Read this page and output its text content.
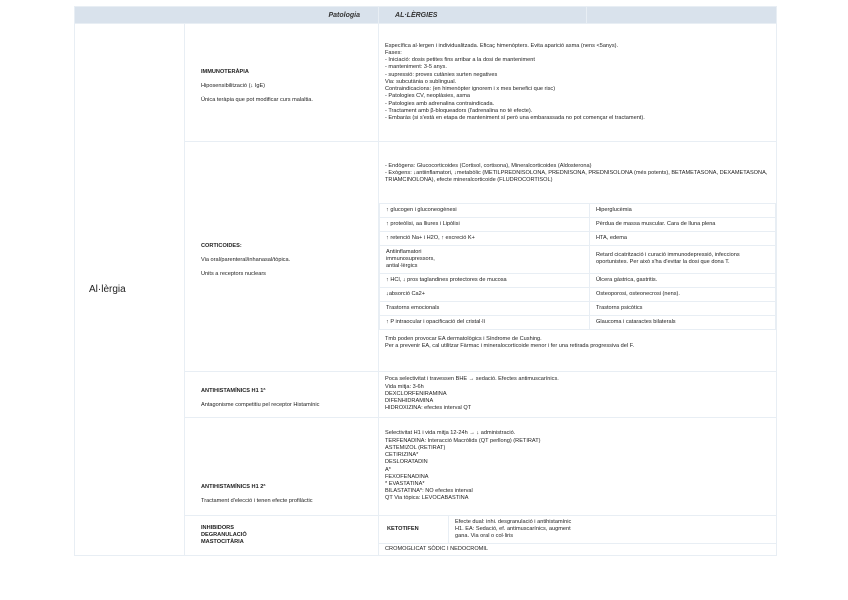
Patologia	AL·LÈRGIES	
Al·lèrgia	
IMMUNOTERÀPIA

Hiposensibilització (↓ IgE)

Única teràpia que pot modificar curs malaltia.
	Específica al·lergen i individualitzada. Eficaç himenòpters. Evita aparició asma (nens <5anys).
Fases:
- Iniciació: dosis petites fins arribar a la dosi de manteniment
- manteniment: 3-5 anys.
- supressió: proves cutànies surten negatives
Via: subcutània o sublingual.
Contraindicacions: (en himenòpter ignorem i x mes benefici que risc)
- Patologies CV, neoplàsies, asma
- Patologies amb adrenalina contraindicada.
- Tractament amb β-bloqueadors (l'adrenalina no té efecte).
- Embaràs (si s'està en etapa de manteniment sí però una embarassada no pot començar el tractament).

CORTICOIDES:

Via oral/parenteral/inhanasal/tòpica.

Units a receptors nuclears

- Endògens: Glucocorticoides (Cortisol, cortisona), Mineralcorticoides (Aldosterona)
- Exògens: ↓antiinflamatori, ↓metabòlic (METILPREDNISOLONA, PREDNISONA, PREDNISOLONA (més potents), BETAMETASONA, DEXAMETASONA, TRIAMCINOLONA), efecte mineralcorticoide (FLUDROCORTISOL)
↑ glucogen i gluconeogènesi	Hiperglucèmia
↑ proteòlisi, aa lliures i Lipòlisi	Pèrdua de massa muscular. Cara de lluna plena
↑ retenció Na+ i H2O, ↑ excreció K+	HTA, edema
Antiinflamatori
immunosupressors,
antial·lèrgics	Retard cicatrització i curació immunodepressió, infeccions oportunistes. Per això s'ha d'evitar la dosi que dona T.
↑ HCl, ↓ pros taglandines protectores de mucosa	Úlcera gàstrica, gastritis.
↓absorció Ca2+	Osteoporosi, osteonecrosi (nens).
Trastorns emocionals	Trastorns psicòtics
↑ P intraocular i opacificació del cristal·lí	Glaucoma i cataractes bilaterals
Tmb poden provocar EA dermatològics i Síndrome de Cushing.
Per a prevenir EA, cal utilitzar Fàrmac i mineralocorticoide menor i fer una retirada progressiva del F.

ANTIHISTAMÍNICS H1 1ª

Antagonisme competitiu pel receptor Histamínic
	Poca selectivitat i travessen BHE → sedació. Efectes antimuscarínics.
Vida mitja: 3-6h
DEXCLORFENIRAMINA
DIFENHIDRAMINA
HIDROXIZINA: efectes interval QT

ANTIHISTAMÍNICS H1 2ª

Tractament d'elecció i tenen efecte profilàctic
	Selectivitat H1 i vida mitja 12-24h → ↓ administració.
TERFENADINA: Interacció Macròlids (QT perllong) (RETIRAT)
ASTEMIZOL (RETIRAT)
CETIRIZINA*
DESLORATADIN
A*
FEXOFENADINA
* EVASTATINA*
BILASTATINA*: NO efectes interval
QT Via tòpica: LEVOCABASTINA
INHIBIDORS
DEGRANULACIÓ
MASTOCITÀRIA	KETOTIFEN	Efecte dual: inhi. desgranulació i antihistamínic
H1. EA: Sedació, ef. antimuscarínics, augment
gana. Via oral o col·liris
CROMOGLICAT SÒDIC I NEDOCROMIL
